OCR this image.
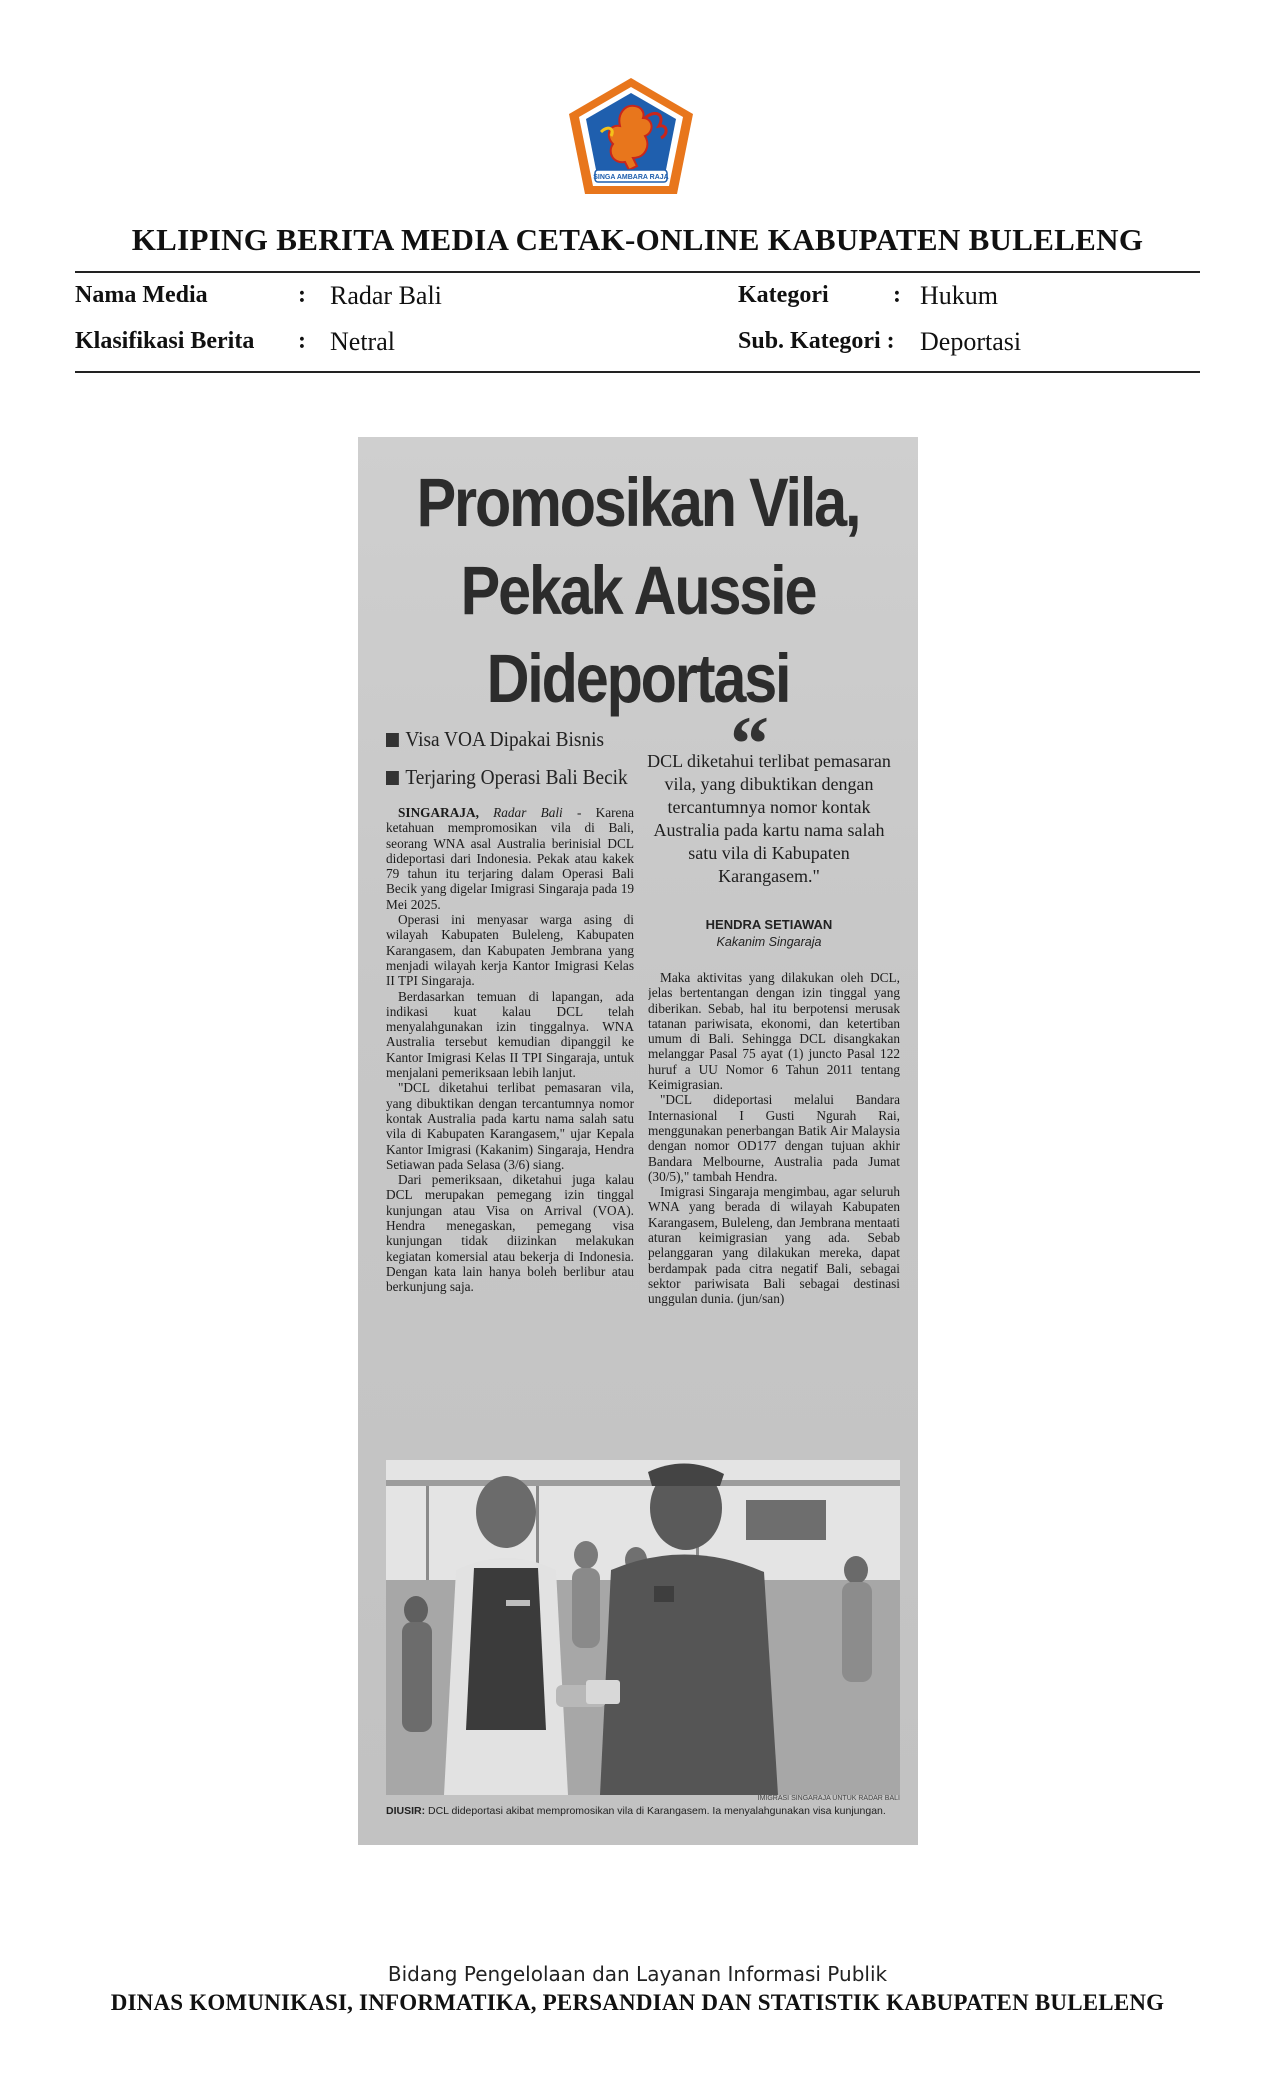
SINGA AMBARA RAJA
KLIPING BERITA MEDIA CETAK-ONLINE KABUPATEN BULELENG
Nama Media	: Radar Bali	Kategori	: Hukum
Klasifikasi Berita : Netral	Sub. Kategori : Deportasi
Promosikan Vila,
Pekak Aussie
Dideportasi
Visa VOA Dipakai Bisnis
Terjaring Operasi Bali Becik “
DCL diketahui terlibat pemasaran vila, yang dibuktikan dengan tercantumnya nomor kontak Australia pada kartu nama salah satu vila di Kabupaten Karangasem."
HENDRA SETIAWAN
Kakanim Singaraja

SINGARAJA, Radar Bali - Karena ketahuan mempromosikan vila di Bali, seorang WNA asal Australia berinisial DCL dideportasi dari Indonesia. Pekak atau kakek 79 tahun itu terjaring dalam Operasi Bali Becik yang digelar Imigrasi Singaraja pada 19 Mei 2025.

Operasi ini menyasar warga asing di wilayah Kabupaten Buleleng, Kabupaten Karangasem, dan Kabupaten Jembrana yang menjadi wilayah kerja Kantor Imigrasi Kelas II TPI Singaraja.

Berdasarkan temuan di lapangan, ada indikasi kuat kalau DCL telah menyalahgunakan izin tinggalnya. WNA Australia tersebut kemudian dipanggil ke Kantor Imigrasi Kelas II TPI Singaraja, untuk menjalani pemeriksaan lebih lanjut.

"DCL diketahui terlibat pemasaran vila, yang dibuktikan dengan tercantumnya nomor kontak Australia pada kartu nama salah satu vila di Kabupaten Karangasem," ujar Kepala Kantor Imigrasi (Kakanim) Singaraja, Hendra Setiawan pada Selasa (3/6) siang.

Dari pemeriksaan, diketahui juga kalau DCL merupakan pemegang izin tinggal kunjungan atau Visa on Arrival (VOA). Hendra menegaskan, pemegang visa kunjungan tidak diizinkan melakukan kegiatan komersial atau bekerja di Indonesia. Dengan kata lain hanya boleh berlibur atau berkunjung saja.

Maka aktivitas yang dilakukan oleh DCL, jelas bertentangan dengan izin tinggal yang diberikan. Sebab, hal itu berpotensi merusak tatanan pariwisata, ekonomi, dan ketertiban umum di Bali. Sehingga DCL disangkakan melanggar Pasal 75 ayat (1) juncto Pasal 122 huruf a UU Nomor 6 Tahun 2011 tentang Keimigrasian.

"DCL dideportasi melalui Bandara Internasional I Gusti Ngurah Rai, menggunakan penerbangan Batik Air Malaysia dengan nomor OD177 dengan tujuan akhir Bandara Melbourne, Australia pada Jumat (30/5)," tambah Hendra.

Imigrasi Singaraja mengimbau, agar seluruh WNA yang berada di wilayah Kabupaten Karangasem, Buleleng, dan Jembrana mentaati aturan keimigrasian yang ada. Sebab pelanggaran yang dilakukan mereka, dapat berdampak pada citra negatif Bali, sebagai sektor pariwisata Bali sebagai destinasi unggulan dunia. (jun/san)

IMIGRASI SINGARAJA UNTUK RADAR BALI
DIUSIR: DCL dideportasi akibat mempromosikan vila di Karangasem. Ia menyalahgunakan visa kunjungan.
Bidang Pengelolaan dan Layanan Informasi Publik
DINAS KOMUNIKASI, INFORMATIKA, PERSANDIAN DAN STATISTIK KABUPATEN BULELENG
